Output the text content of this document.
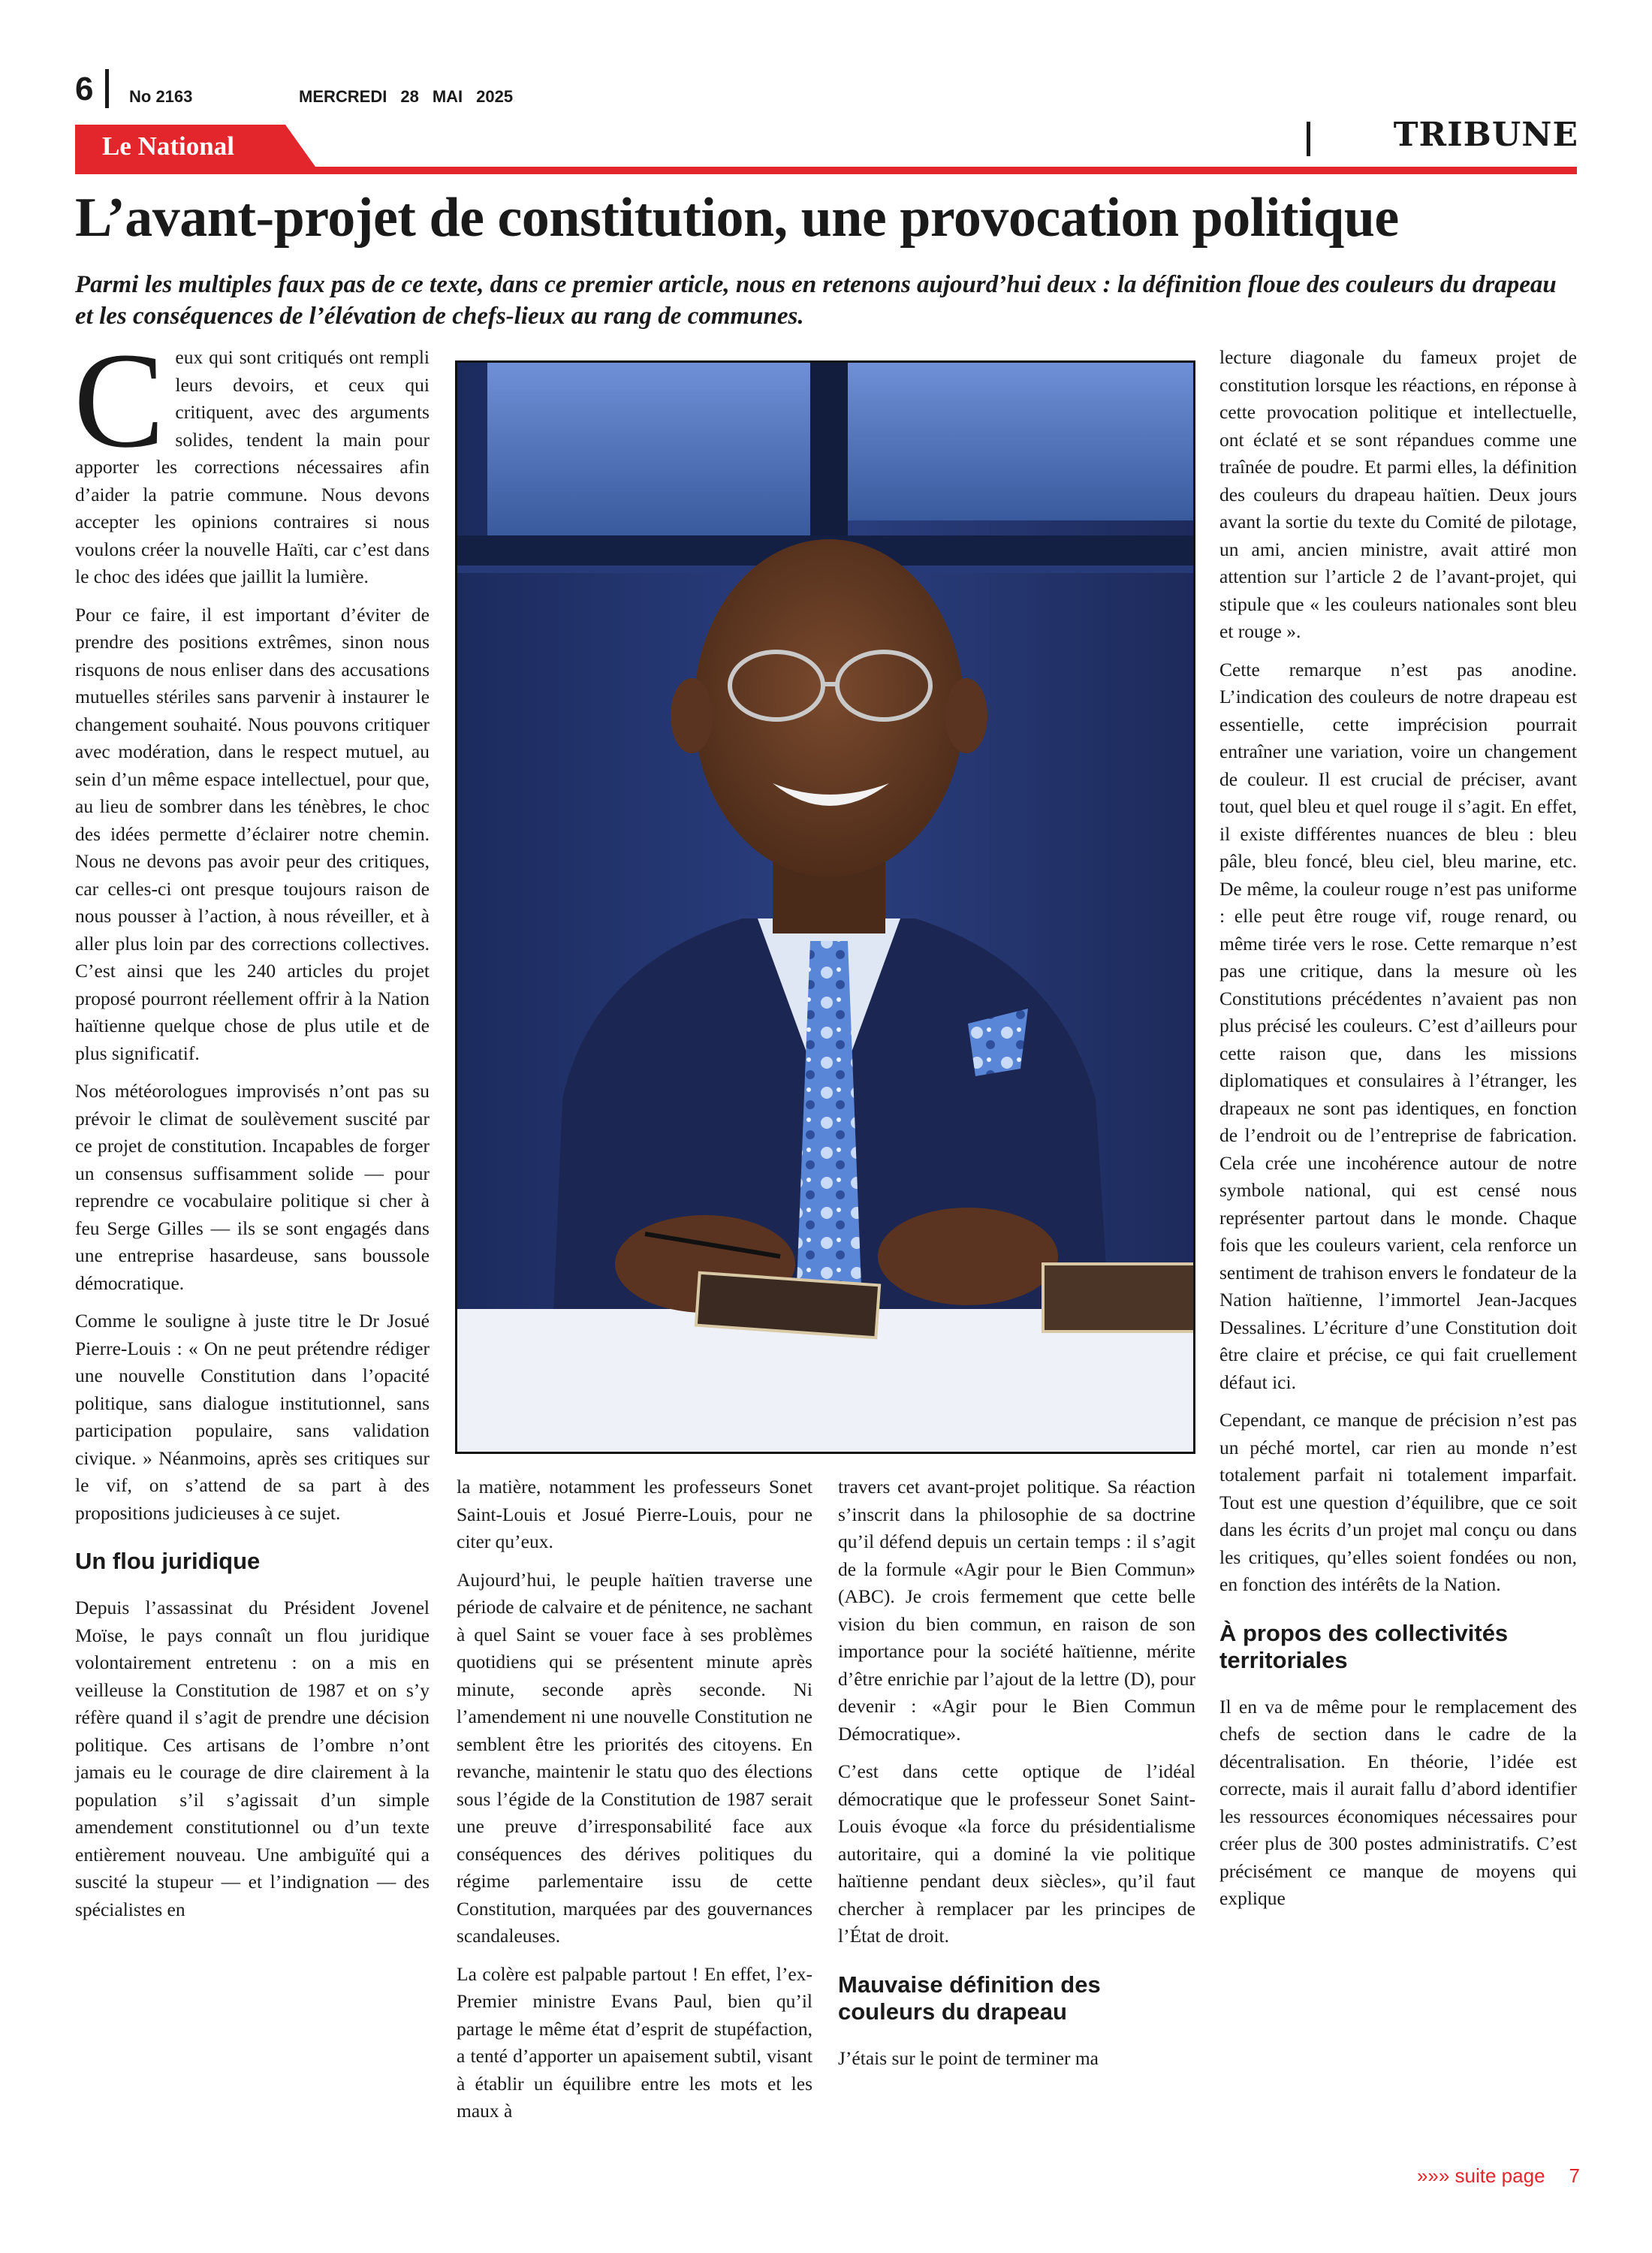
6 No 2163	MERCREDI 28 MAI 2025
Le National	TRIBUNE
L’avant-projet de constitution, une provocation politique
Parmi les multiples faux pas de ce texte, dans ce premier article, nous en retenons aujourd’hui deux : la définition floue des couleurs du drapeau et les conséquences de l’élévation de chefs-lieux au rang de communes.

Ceux qui sont critiqués ont rempli leurs devoirs, et ceux qui critiquent, avec des arguments solides, tendent la main pour apporter les corrections nécessaires afin d’aider la patrie commune. Nous devons accepter les opinions contraires si nous voulons créer la nouvelle Haïti, car c’est dans le choc des idées que jaillit la lumière.

Pour ce faire, il est important d’éviter de prendre des positions extrêmes, sinon nous risquons de nous enliser dans des accusations mutuelles stériles sans parvenir à instaurer le changement souhaité. Nous pouvons critiquer avec modération, dans le respect mutuel, au sein d’un même espace intellectuel, pour que, au lieu de sombrer dans les ténèbres, le choc des idées permette d’éclairer notre chemin. Nous ne devons pas avoir peur des critiques, car celles-ci ont presque toujours raison de nous pousser à l’action, à nous réveiller, et à aller plus loin par des corrections collectives. C’est ainsi que les 240 articles du projet proposé pourront réellement offrir à la Nation haïtienne quelque chose de plus utile et de plus significatif.

Nos météorologues improvisés n’ont pas su prévoir le climat de soulèvement suscité par ce projet de constitution. Incapables de forger un consensus suffisamment solide — pour reprendre ce vocabulaire politique si cher à feu Serge Gilles — ils se sont engagés dans une entreprise hasardeuse, sans boussole démocratique.

Comme le souligne à juste titre le Dr Josué Pierre-Louis : « On ne peut prétendre rédiger une nouvelle Constitution dans l’opacité politique, sans dialogue institutionnel, sans participation populaire, sans validation civique. » Néanmoins, après ses critiques sur le vif, on s’attend de sa part à des propositions judicieuses à ce sujet.

Un flou juridique

Depuis l’assassinat du Président Jovenel Moïse, le pays connaît un flou juridique volontairement entretenu : on a mis en veilleuse la Constitution de 1987 et on s’y réfère quand il s’agit de prendre une décision politique. Ces artisans de l’ombre n’ont jamais eu le courage de dire clairement à la population s’il s’agissait d’un simple amendement constitutionnel ou d’un texte entièrement nouveau. Une ambiguïté qui a suscité la stupeur — et l’indignation — des spécialistes en

la matière, notamment les professeurs Sonet Saint-Louis et Josué Pierre-Louis, pour ne citer qu’eux.

Aujourd’hui, le peuple haïtien traverse une période de calvaire et de pénitence, ne sachant à quel Saint se vouer face à ses problèmes quotidiens qui se présentent minute après minute, seconde après seconde. Ni l’amendement ni une nouvelle Constitution ne semblent être les priorités des citoyens. En revanche, maintenir le statu quo des élections sous l’égide de la Constitution de 1987 serait une preuve d’irresponsabilité face aux conséquences des dérives politiques du régime parlementaire issu de cette Constitution, marquées par des gouvernances scandaleuses.

La colère est palpable partout ! En effet, l’ex-Premier ministre Evans Paul, bien qu’il partage le même état d’esprit de stupéfaction, a tenté d’apporter un apaisement subtil, visant à établir un équilibre entre les mots et les maux à

travers cet avant-projet politique. Sa réaction s’inscrit dans la philosophie de sa doctrine qu’il défend depuis un certain temps : il s’agit de la formule «Agir pour le Bien Commun» (ABC). Je crois fermement que cette belle vision du bien commun, en raison de son importance pour la société haïtienne, mérite d’être enrichie par l’ajout de la lettre (D), pour devenir : «Agir pour le Bien Commun Démocratique».

C’est dans cette optique de l’idéal démocratique que le professeur Sonet Saint-Louis évoque «la force du présidentialisme autoritaire, qui a dominé la vie politique haïtienne pendant deux siècles», qu’il faut chercher à remplacer par les principes de l’État de droit.

Mauvaise définition des couleurs du drapeau

J’étais sur le point de terminer ma

lecture diagonale du fameux projet de constitution lorsque les réactions, en réponse à cette provocation politique et intellectuelle, ont éclaté et se sont répandues comme une traînée de poudre. Et parmi elles, la définition des couleurs du drapeau haïtien. Deux jours avant la sortie du texte du Comité de pilotage, un ami, ancien ministre, avait attiré mon attention sur l’article 2 de l’avant-projet, qui stipule que « les couleurs nationales sont bleu et rouge ».

Cette remarque n’est pas anodine. L’indication des couleurs de notre drapeau est essentielle, cette imprécision pourrait entraîner une variation, voire un changement de couleur. Il est crucial de préciser, avant tout, quel bleu et quel rouge il s’agit. En effet, il existe différentes nuances de bleu : bleu pâle, bleu foncé, bleu ciel, bleu marine, etc. De même, la couleur rouge n’est pas uniforme : elle peut être rouge vif, rouge renard, ou même tirée vers le rose. Cette remarque n’est pas une critique, dans la mesure où les Constitutions précédentes n’avaient pas non plus précisé les couleurs. C’est d’ailleurs pour cette raison que, dans les missions diplomatiques et consulaires à l’étranger, les drapeaux ne sont pas identiques, en fonction de l’endroit ou de l’entreprise de fabrication. Cela crée une incohérence autour de notre symbole national, qui est censé nous représenter partout dans le monde. Chaque fois que les couleurs varient, cela renforce un sentiment de trahison envers le fondateur de la Nation haïtienne, l’immortel Jean-Jacques Dessalines. L’écriture d’une Constitution doit être claire et précise, ce qui fait cruellement défaut ici.

Cependant, ce manque de précision n’est pas un péché mortel, car rien au monde n’est totalement parfait ni totalement imparfait. Tout est une question d’équilibre, que ce soit dans les écrits d’un projet mal conçu ou dans les critiques, qu’elles soient fondées ou non, en fonction des intérêts de la Nation.

À propos des collectivités territoriales

Il en va de même pour le remplacement des chefs de section dans le cadre de la décentralisation. En théorie, l’idée est correcte, mais il aurait fallu d’abord identifier les ressources économiques nécessaires pour créer plus de 300 postes administratifs. C’est précisément ce manque de moyens qui explique

»»» suite page 7
